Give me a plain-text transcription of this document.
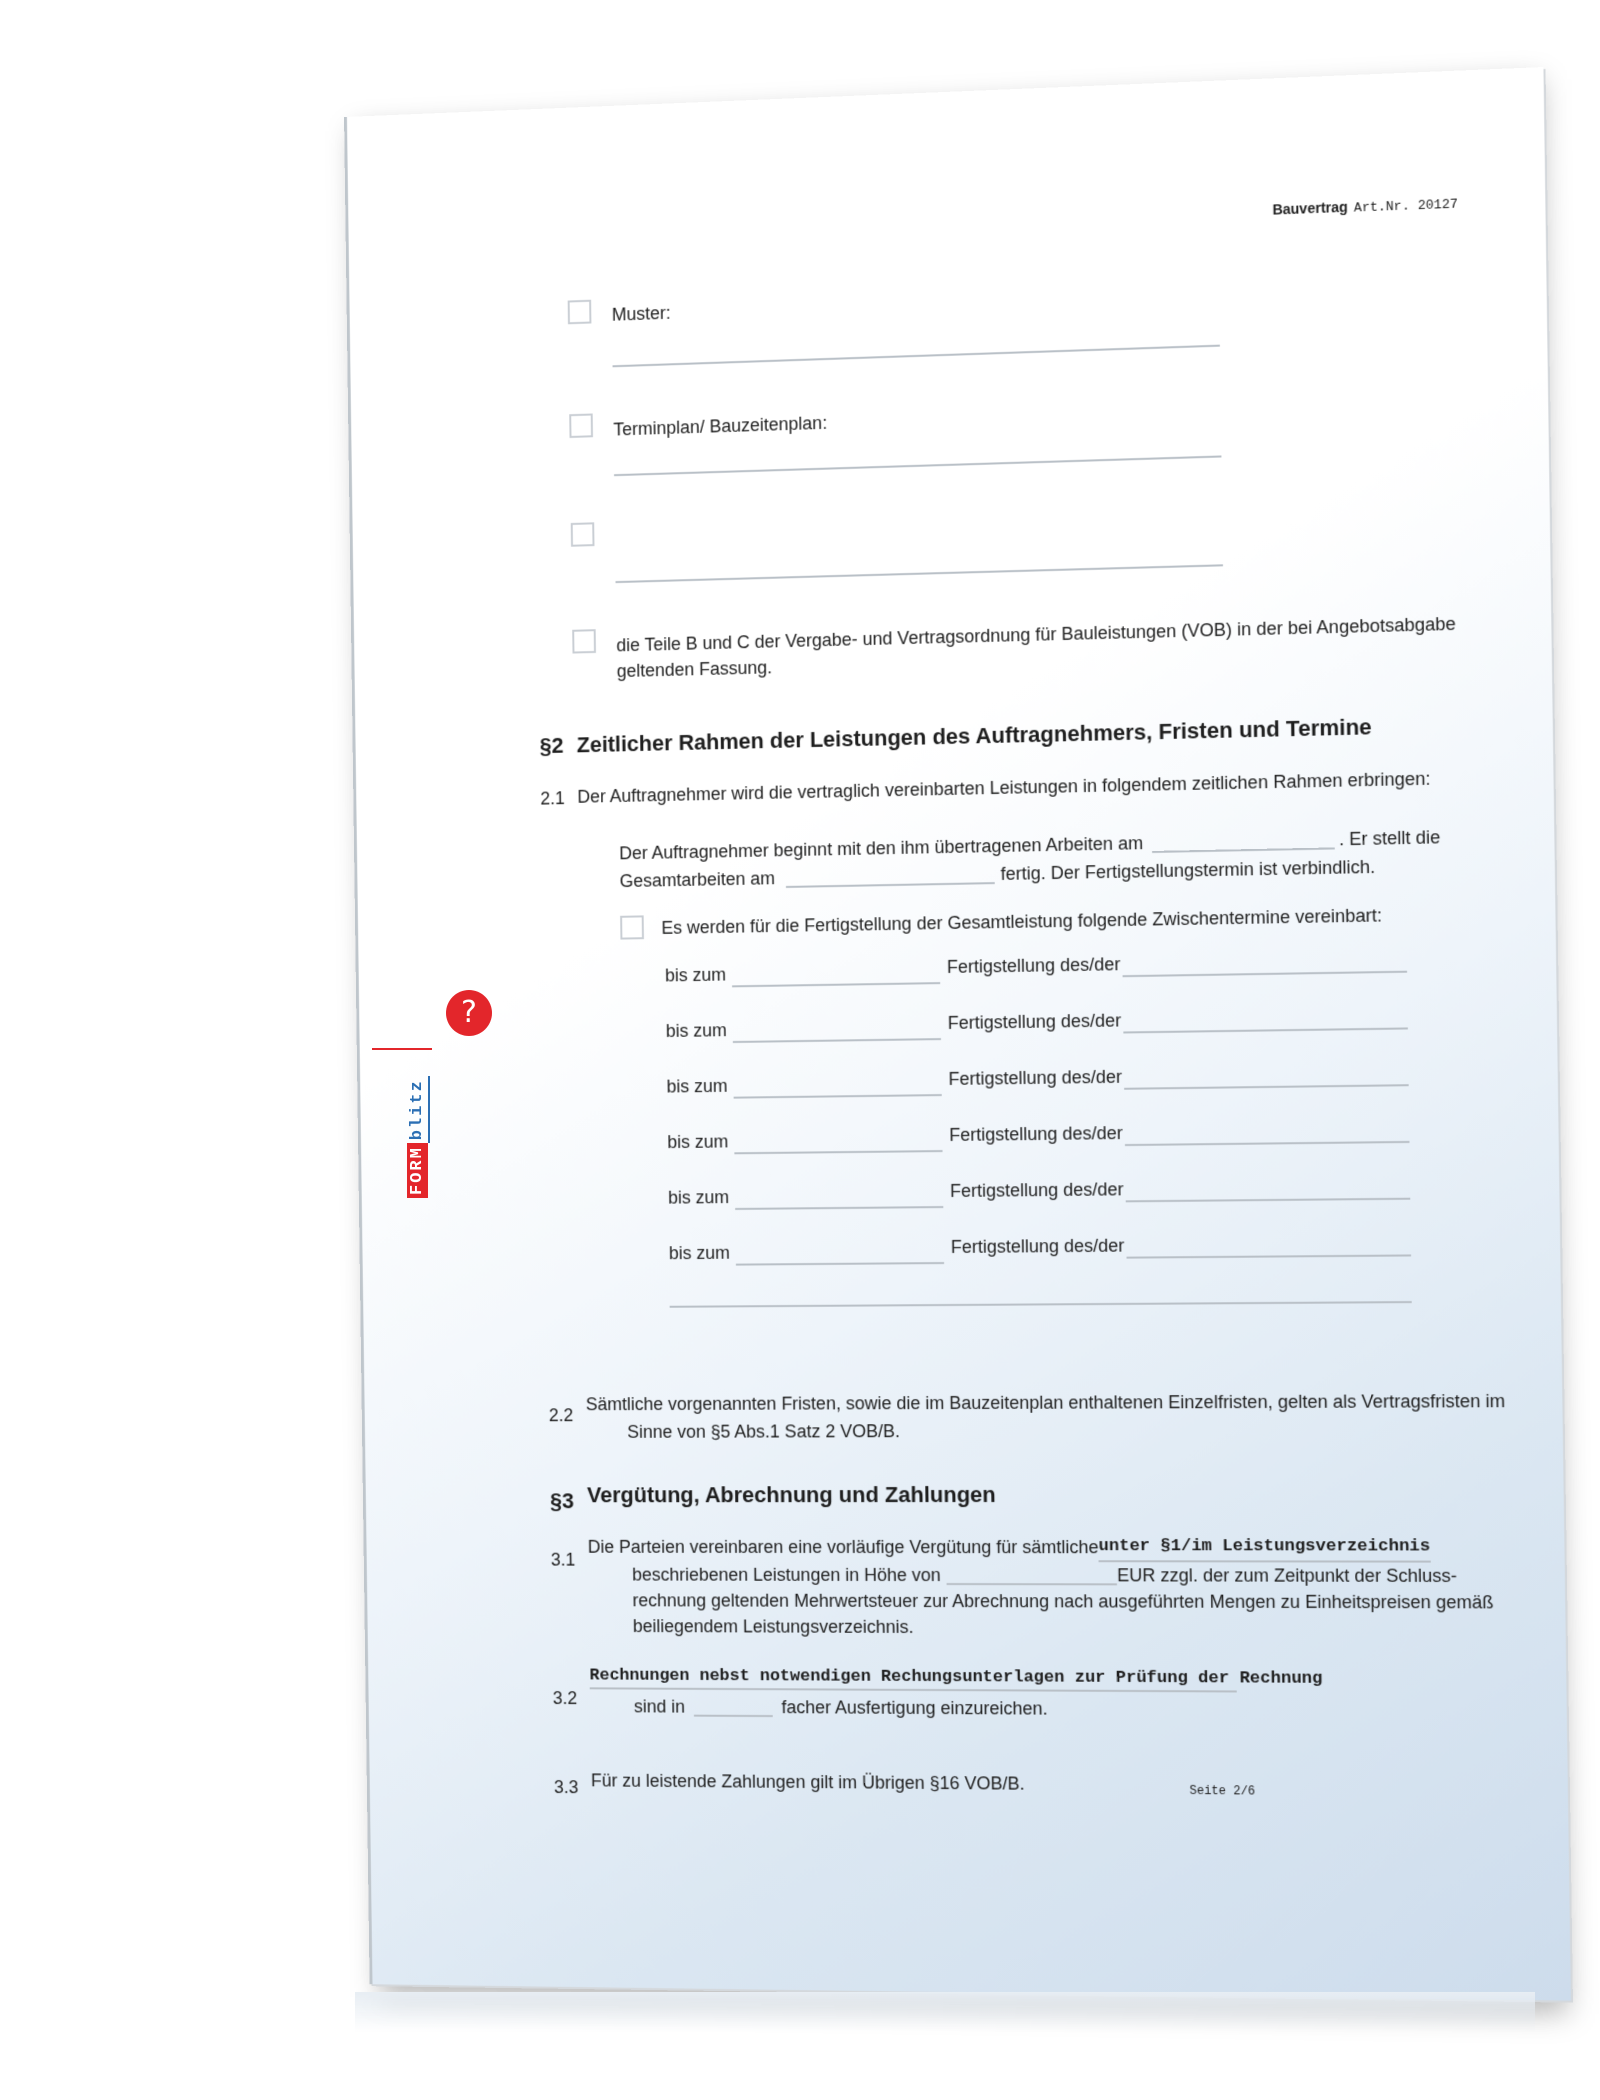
Bauvertrag Art.Nr. 20127
Muster:
Terminplan/ Bauzeitenplan:
die Teile B und C der Vergabe- und Vertragsordnung für Bauleistungen (VOB) in der bei Angebotsabgabe
geltenden Fassung.
§2 Zeitlicher Rahmen der Leistungen des Auftragnehmers, Fristen und Termine
2.1 Der Auftragnehmer wird die vertraglich vereinbarten Leistungen in folgendem zeitlichen Rahmen erbringen:
Der Auftragnehmer beginnt mit den ihm übertragenen Arbeiten am	. Er stellt die
Gesamtarbeiten am	fertig. Der Fertigstellungstermin ist verbindlich.
Es werden für die Fertigstellung der Gesamtleistung folgende Zwischentermine vereinbart:
bis zum	Fertigstellung des/der
bis zum	Fertigstellung des/der
bis zum	Fertigstellung des/der
bis zum	Fertigstellung des/der
bis zum	Fertigstellung des/der
bis zum	Fertigstellung des/der
2.2
Sämtliche vorgenannten Fristen, sowie die im Bauzeitenplan enthaltenen Einzelfristen, gelten als Vertragsfristen im
Sinne von §5 Abs.1 Satz 2 VOB/B.
§3 Vergütung, Abrechnung und Zahlungen
3.1
Die Parteien vereinbaren eine vorläufige Vergütung für sämtliche unter §1/im Leistungsverzeichnis
beschriebenen Leistungen in Höhe von	EUR zzgl. der zum Zeitpunkt der Schluss-
rechnung geltenden Mehrwertsteuer zur Abrechnung nach ausgeführten Mengen zu Einheitspreisen gemäß
beiliegendem Leistungsverzeichnis.
3.2
Rechnungen nebst notwendigen Rechungsunterlagen zur Prüfung der Rechnung
sind in	facher Ausfertigung einzureichen.
3.3 Für zu leistende Zahlungen gilt im Übrigen §16 VOB/B.	Seite 2/6
?
FORMblitz
